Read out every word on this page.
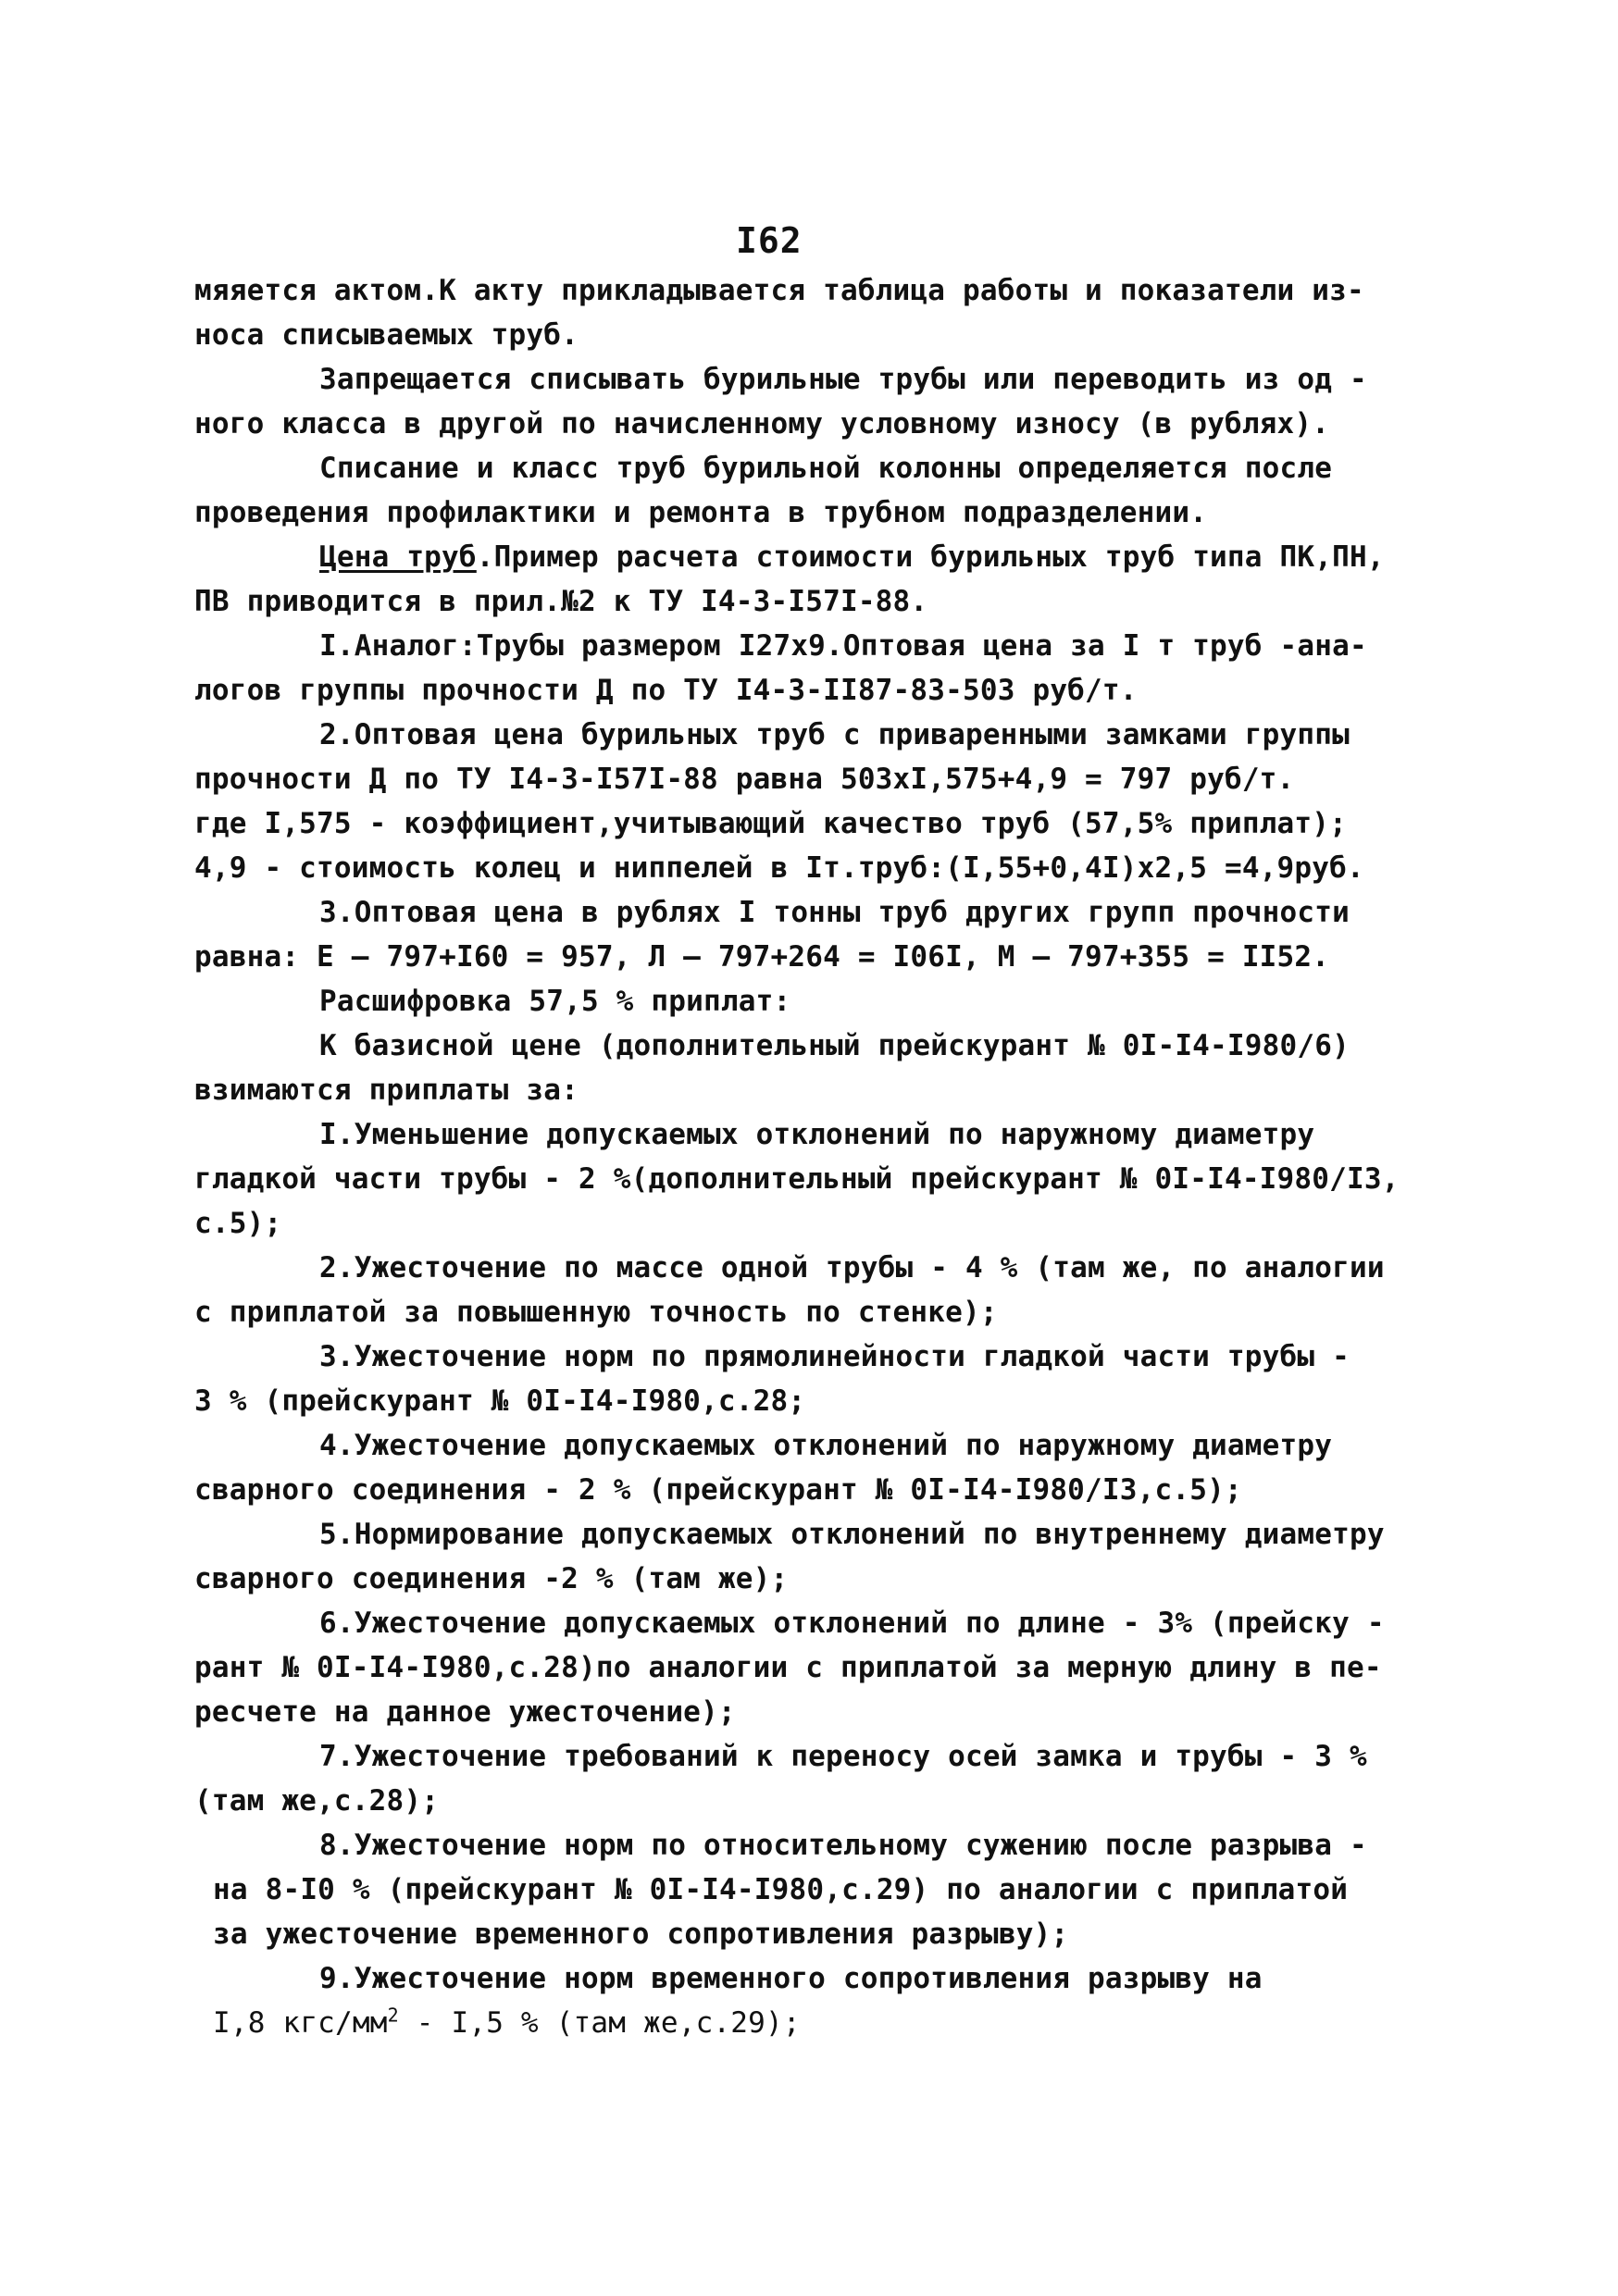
I62
мяяется актом.К акту прикладывается таблица работы и показатели из-
носа списываемых труб.
Запрещается списывать бурильные трубы или переводить из од -
ного класса в другой по начисленному условному износу (в рублях).
Списание и класс труб бурильной колонны определяется после
проведения профилактики и ремонта в трубном подразделении.
Цена труб.Пример расчета стоимости бурильных труб типа ПК,ПН,
ПВ приводится в прил.№2 к ТУ I4-3-I57I-88.
I.Аналог:Трубы размером I27х9.Оптовая цена за I т труб -ана-
логов группы прочности Д по ТУ I4-3-II87-83-503 руб/т.
2.Оптовая цена бурильных труб с приваренными замками группы
прочности Д по ТУ I4-3-I57I-88 равна 503хI,575+4,9 = 797 руб/т.
где I,575 - коэффициент,учитывающий качество труб (57,5% приплат);
4,9 - стоимость колец и ниппелей в Iт.труб:(I,55+0,4I)х2,5 =4,9руб.
3.Оптовая цена в рублях I тонны труб других групп прочности
равна: Е — 797+I60 = 957, Л — 797+264 = I06I, М — 797+355 = II52.
Расшифровка 57,5 % приплат:
К базисной цене (дополнительный прейскурант № 0I-I4-I980/6)
взимаются приплаты за:
I.Уменьшение допускаемых отклонений по наружному диаметру
гладкой части трубы - 2 %(дополнительный прейскурант № 0I-I4-I980/I3,
с.5);
2.Ужесточение по массе одной трубы - 4 % (там же, по аналогии
с приплатой за повышенную точность по стенке);
3.Ужесточение норм по прямолинейности гладкой части трубы -
3 % (прейскурант № 0I-I4-I980,с.28;
4.Ужесточение допускаемых отклонений по наружному диаметру
сварного соединения - 2 % (прейскурант № 0I-I4-I980/I3,с.5);
5.Нормирование допускаемых отклонений по внутреннему диаметру
сварного соединения -2 % (там же);
6.Ужесточение допускаемых отклонений по длине - 3% (прейску -
рант № 0I-I4-I980,с.28)по аналогии с приплатой за мерную длину в пе-
ресчете на данное ужесточение);
7.Ужесточение требований к переносу осей замка и трубы - 3 %
(там же,с.28);
8.Ужесточение норм по относительному сужению после разрыва -
на 8-I0 % (прейскурант № 0I-I4-I980,с.29) по аналогии с приплатой
за ужесточение временного сопротивления разрыву);
9.Ужесточение норм временного сопротивления разрыву на
I,8 кгс/$мм^2 - I,5$ % (там же,с.29);
